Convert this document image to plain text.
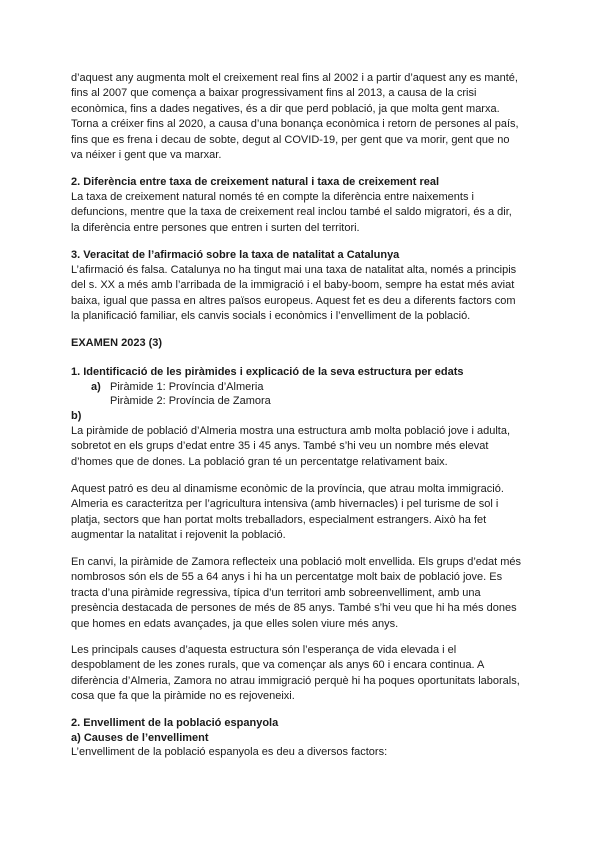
d’aquest any augmenta molt el creixement real fins al 2002 i a partir d’aquest any es manté,
fins al 2007 que comença a baixar progressivament fins al 2013, a causa de la crisi
econòmica, fins a dades negatives, és a dir que perd població, ja que molta gent marxa.
Torna a créixer fins al 2020, a causa d’una bonança econòmica i retorn de persones al país,
fins que es frena i decau de sobte, degut al COVID-19, per gent que va morir, gent que no
va néixer i gent que va marxar.
2. Diferència entre taxa de creixement natural i taxa de creixement real
La taxa de creixement natural només té en compte la diferència entre naixements i
defuncions, mentre que la taxa de creixement real inclou també el saldo migratori, és a dir,
la diferència entre persones que entren i surten del territori.
3. Veracitat de l’afirmació sobre la taxa de natalitat a Catalunya
L’afirmació és falsa. Catalunya no ha tingut mai una taxa de natalitat alta, només a principis
del s. XX a més amb l’arribada de la immigració i el baby-boom, sempre ha estat més aviat
baixa, igual que passa en altres països europeus. Aquest fet es deu a diferents factors com
la planificació familiar, els canvis socials i econòmics i l’envelliment de la població.
EXAMEN 2023 (3)
1. Identificació de les piràmides i explicació de la seva estructura per edats
a) Piràmide 1: Província d’Almeria
Piràmide 2: Província de Zamora
b)
La piràmide de població d’Almeria mostra una estructura amb molta població jove i adulta,
sobretot en els grups d’edat entre 35 i 45 anys. També s’hi veu un nombre més elevat
d’homes que de dones. La població gran té un percentatge relativament baix.
Aquest patró es deu al dinamisme econòmic de la província, que atrau molta immigració.
Almeria es caracteritza per l’agricultura intensiva (amb hivernacles) i pel turisme de sol i
platja, sectors que han portat molts treballadors, especialment estrangers. Això ha fet
augmentar la natalitat i rejovenit la població.
En canvi, la piràmide de Zamora reflecteix una població molt envellida. Els grups d’edat més
nombrosos són els de 55 a 64 anys i hi ha un percentatge molt baix de població jove. Es
tracta d’una piràmide regressiva, típica d’un territori amb sobreenvelliment, amb una
presència destacada de persones de més de 85 anys. També s’hi veu que hi ha més dones
que homes en edats avançades, ja que elles solen viure més anys.
Les principals causes d’aquesta estructura són l’esperança de vida elevada i el
despoblament de les zones rurals, que va començar als anys 60 i encara continua. A
diferència d’Almeria, Zamora no atrau immigració perquè hi ha poques oportunitats laborals,
cosa que fa que la piràmide no es rejoveneixi.
2. Envelliment de la població espanyola
a) Causes de l’envelliment
L’envelliment de la població espanyola es deu a diversos factors:
